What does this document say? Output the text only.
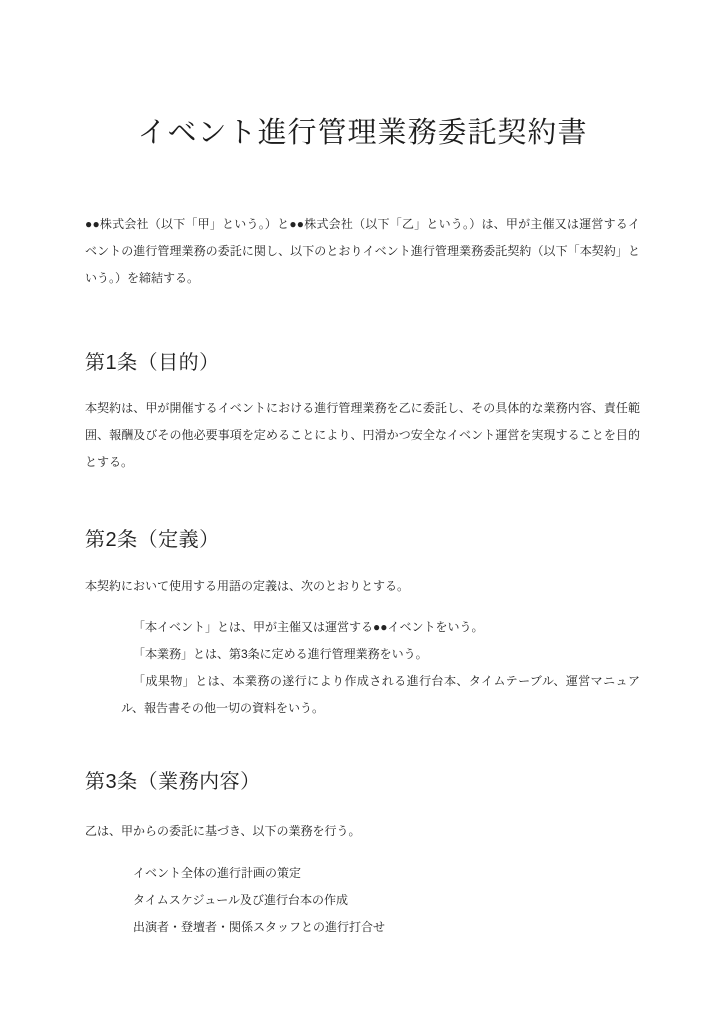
イベント進行管理業務委託契約書

●●株式会社（以下「甲」という。）と●●株式会社（以下「乙」という。）は、甲が主催又は運営するイベントの進行管理業務の委託に関し、以下のとおりイベント進行管理業務委託契約（以下「本契約」という。）を締結する。

第1条（目的）

本契約は、甲が開催するイベントにおける進行管理業務を乙に委託し、その具体的な業務内容、責任範囲、報酬及びその他必要事項を定めることにより、円滑かつ安全なイベント運営を実現することを目的とする。

第2条（定義）

本契約において使用する用語の定義は、次のとおりとする。

「本イベント」とは、甲が主催又は運営する●●イベントをいう。

「本業務」とは、第3条に定める進行管理業務をいう。

「成果物」とは、本業務の遂行により作成される進行台本、タイムテーブル、運営マニュアル、報告書その他一切の資料をいう。

第3条（業務内容）

乙は、甲からの委託に基づき、以下の業務を行う。

イベント全体の進行計画の策定

タイムスケジュール及び進行台本の作成

出演者・登壇者・関係スタッフとの進行打合せ
